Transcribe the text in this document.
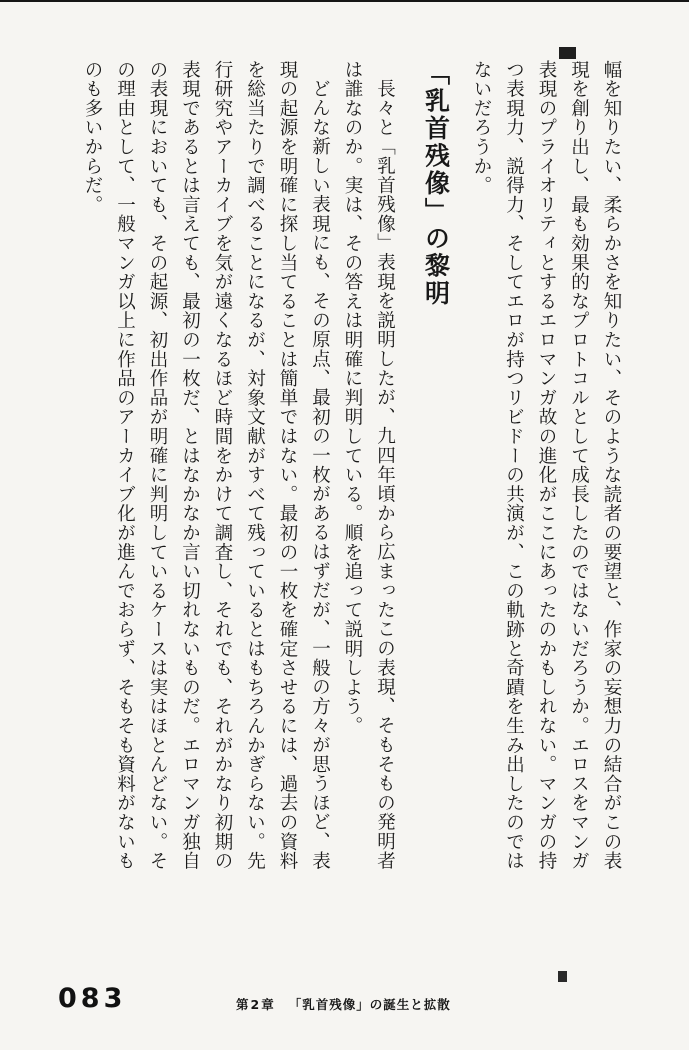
幅を知りたい、柔らかさを知りたい、そのような読者の要望と、作家の妄想力の結合がこの表現を創り出し、最も効果的なプロトコルとして成長したのではないだろうか。エロスをマンガ表現のプライオリティとするエロマンガ故の進化がここにあったのかもしれない。マンガの持つ表現力、説得力、そしてエロが持つリビドーの共演が、この軌跡と奇蹟を生み出したのではないだろうか。

「乳首残像」の黎明

長々と「乳首残像」表現を説明したが、九四年頃から広まったこの表現、そもそもの発明者は誰なのか。実は、その答えは明確に判明している。順を追って説明しよう。

どんな新しい表現にも、その原点、最初の一枚があるはずだが、一般の方々が思うほど、表現の起源を明確に探し当てることは簡単ではない。最初の一枚を確定させるには、過去の資料を総当たりで調べることになるが、対象文献がすべて残っているとはもちろんかぎらない。先行研究やアーカイブを気が遠くなるほど時間をかけて調査し、それでも、それがかなり初期の表現であるとは言えても、最初の一枚だ、とはなかなか言い切れないものだ。エロマンガ独自の表現においても、その起源、初出作品が明確に判明しているケースは実はほとんどない。その理由として、一般マンガ以上に作品のアーカイブ化が進んでおらず、そもそも資料がないものも多いからだ。

083	第2章 「乳首残像」の誕生と拡散
